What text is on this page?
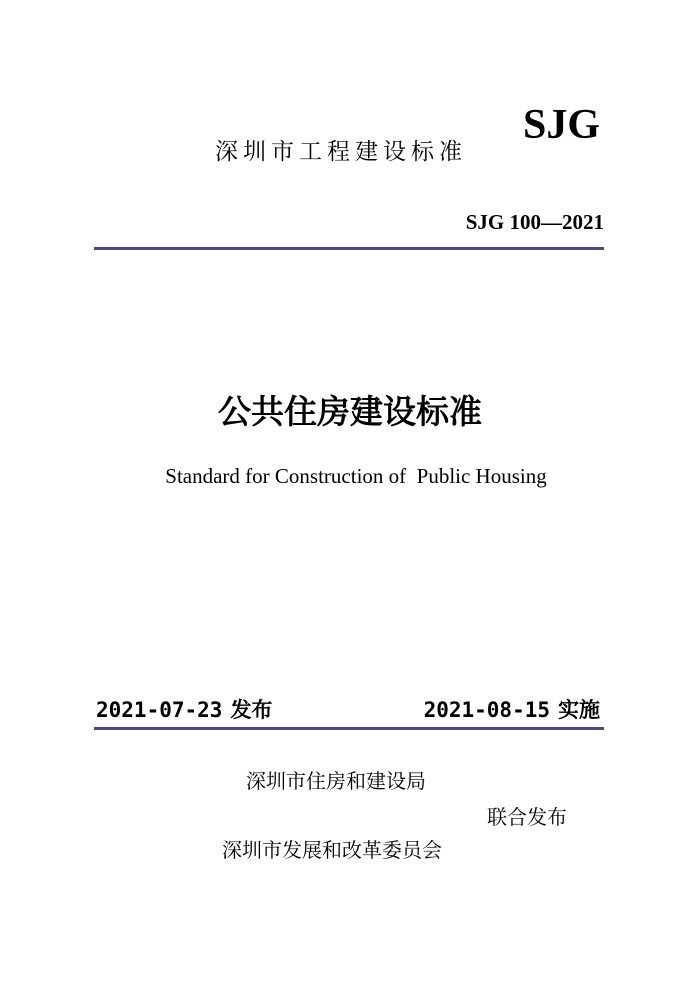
SJG
深圳市工程建设标准
SJG 100—2021
公共住房建设标准
Standard for Construction of  Public Housing
2021-07-23 发布	2021-08-15 实施
深圳市住房和建设局
联合发布
深圳市发展和改革委员会
